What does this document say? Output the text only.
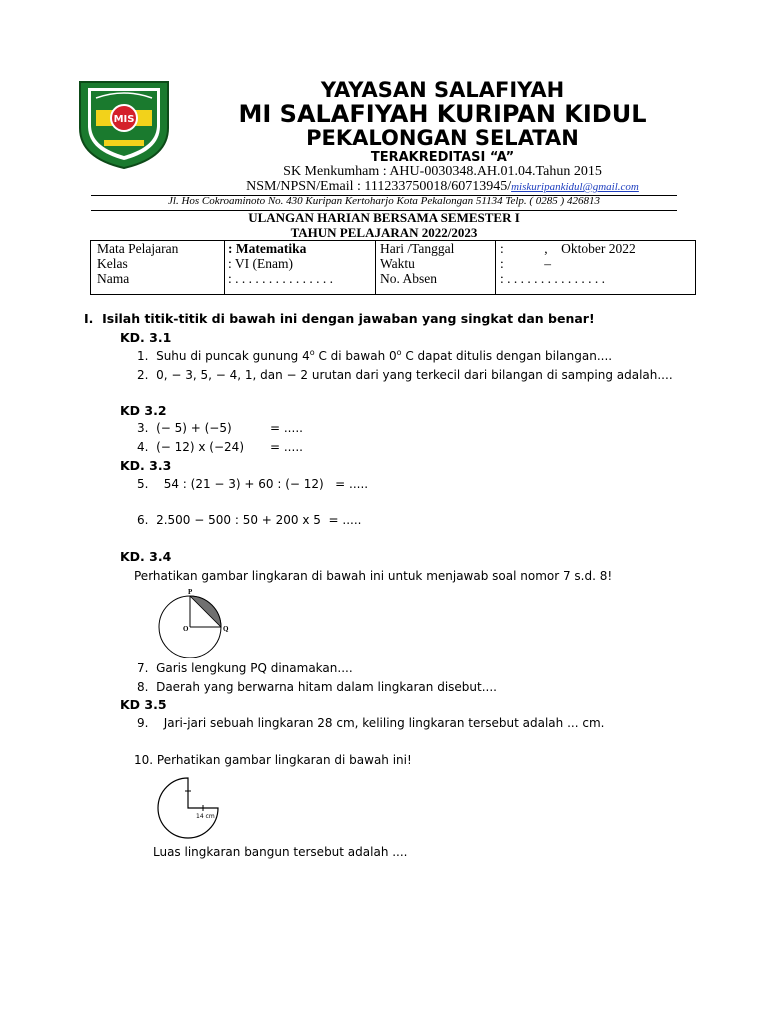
MIS
YAYASAN SALAFIYAH
MI SALAFIYAH KURIPAN KIDUL
PEKALONGAN SELATAN
TERAKREDITASI “A”
SK Menkumham : AHU-0030348.AH.01.04.Tahun 2015
NSM/NPSN/Email : 111233750018/60713945/miskuripankidul@gmail.com
Jl. Hos Cokroaminoto No. 430 Kuripan Kertoharjo Kota Pekalongan 51134 Telp. ( 0285 ) 426813
ULANGAN HARIAN BERSAMA SEMESTER I
TAHUN PELAJARAN 2022/2023
Mata Pelajaran	: Matematika	Hari /Tanggal	:            ,    Oktober 2022
Kelas	: VI (Enam)	Waktu	:            –
Nama	: . . . . . . . . . . . . . . .	No. Absen	: . . . . . . . . . . . . . . .
I.  Isilah titik-titik di bawah ini dengan jawaban yang singkat dan benar!
KD. 3.1
1.  Suhu di puncak gunung 4$^o$ C di bawah 0$^o$ C dapat ditulis dengan bilangan....
2.  0, − 3, 5, − 4, 1, dan − 2 urutan dari yang terkecil dari bilangan di samping adalah....
KD 3.2
3.  (− 5) + (−5)	= .....
4.  (− 12) x (−24) = .....
KD. 3.3
5.    54 : (21 − 3) + 60 : (− 12)   = .....
6.  2.500 − 500 : 50 + 200 x 5  = .....
KD. 3.4
Perhatikan gambar lingkaran di bawah ini untuk menjawab soal nomor 7 s.d. 8!
P
O	Q
7.  Garis lengkung PQ dinamakan....
8.  Daerah yang berwarna hitam dalam lingkaran disebut....
KD 3.5
9.    Jari-jari sebuah lingkaran 28 cm, keliling lingkaran tersebut adalah ... cm.
10. Perhatikan gambar lingkaran di bawah ini!
14 cm
Luas lingkaran bangun tersebut adalah ....
